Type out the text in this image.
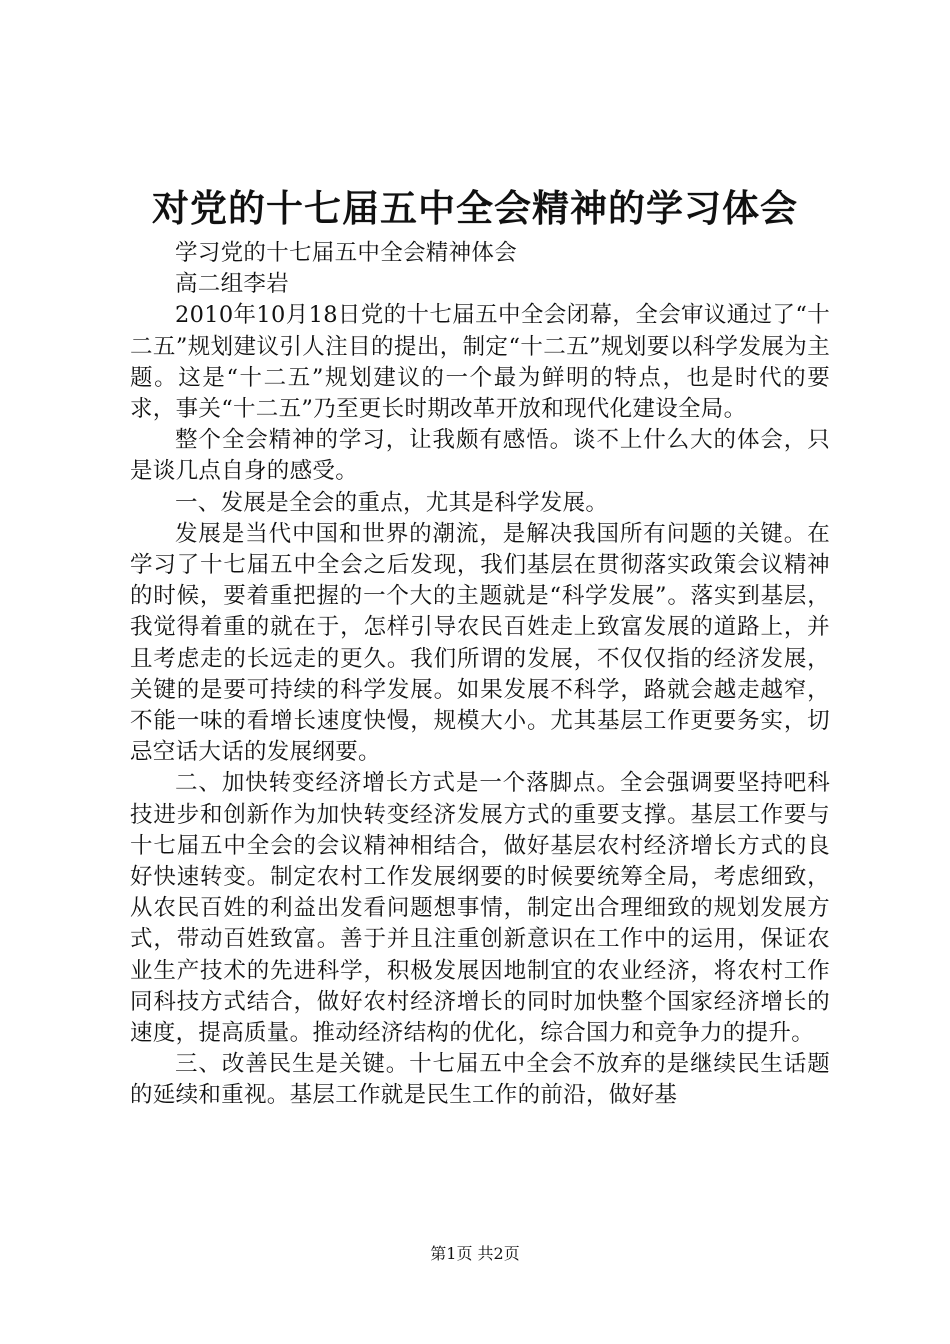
对党的十七届五中全会精神的学习体会

学习党的十七届五中全会精神体会

高二组李岩

2010年10月18日党的十七届五中全会闭幕，全会审议通过了“十二五”规划建议引人注目的提出，制定“十二五”规划要以科学发展为主题。这是“十二五”规划建议的一个最为鲜明的特点，也是时代的要求，事关“十二五”乃至更长时期改革开放和现代化建设全局。

整个全会精神的学习，让我颇有感悟。谈不上什么大的体会，只是谈几点自身的感受。

一、发展是全会的重点，尤其是科学发展。

发展是当代中国和世界的潮流，是解决我国所有问题的关键。在学习了十七届五中全会之后发现，我们基层在贯彻落实政策会议精神的时候，要着重把握的一个大的主题就是“科学发展”。落实到基层，我觉得着重的就在于，怎样引导农民百姓走上致富发展的道路上，并且考虑走的长远走的更久。我们所谓的发展，不仅仅指的经济发展，关键的是要可持续的科学发展。如果发展不科学，路就会越走越窄，不能一味的看增长速度快慢，规模大小。尤其基层工作更要务实，切忌空话大话的发展纲要。

二、加快转变经济增长方式是一个落脚点。全会强调要坚持吧科技进步和创新作为加快转变经济发展方式的重要支撑。基层工作要与十七届五中全会的会议精神相结合，做好基层农村经济增长方式的良好快速转变。制定农村工作发展纲要的时候要统筹全局，考虑细致，从农民百姓的利益出发看问题想事情，制定出合理细致的规划发展方式，带动百姓致富。善于并且注重创新意识在工作中的运用，保证农业生产技术的先进科学，积极发展因地制宜的农业经济，将农村工作同科技方式结合，做好农村经济增长的同时加快整个国家经济增长的速度，提高质量。推动经济结构的优化，综合国力和竞争力的提升。

三、改善民生是关键。十七届五中全会不放弃的是继续民生话题的延续和重视。基层工作就是民生工作的前沿，做好基

第1页 共2页
